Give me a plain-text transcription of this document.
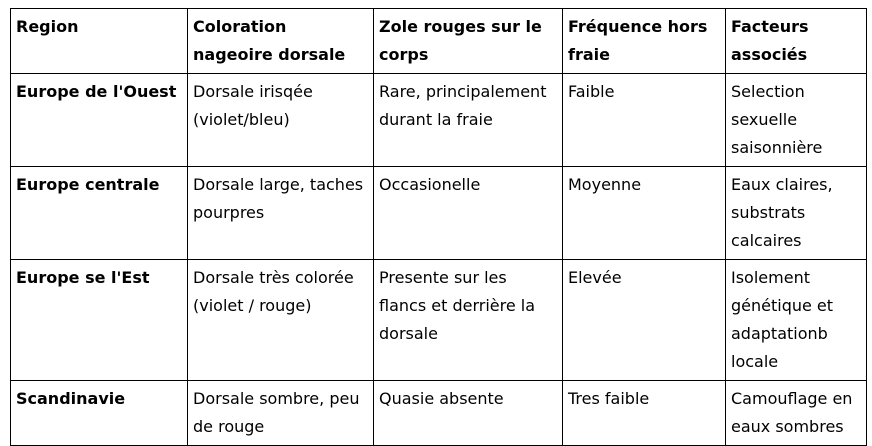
Region	Coloration nageoire dorsale	Zole rouges sur le corps	Fréquence hors fraie	Facteurs associés
Europe de l'Ouest	Dorsale irisqée (violet/bleu)	Rare, principalement durant la fraie	Faible	Selection sexuelle saisonnière
Europe centrale	Dorsale large, taches pourpres	Occasionelle	Moyenne	Eaux claires, substrats calcaires
Europe se l'Est	Dorsale très colorée (violet / rouge)	Presente sur les flancs et derrière la dorsale	Elevée	Isolement génétique et adaptationb locale
Scandinavie	Dorsale sombre, peu de rouge	Quasie absente	Tres faible	Camouflage en eaux sombres
